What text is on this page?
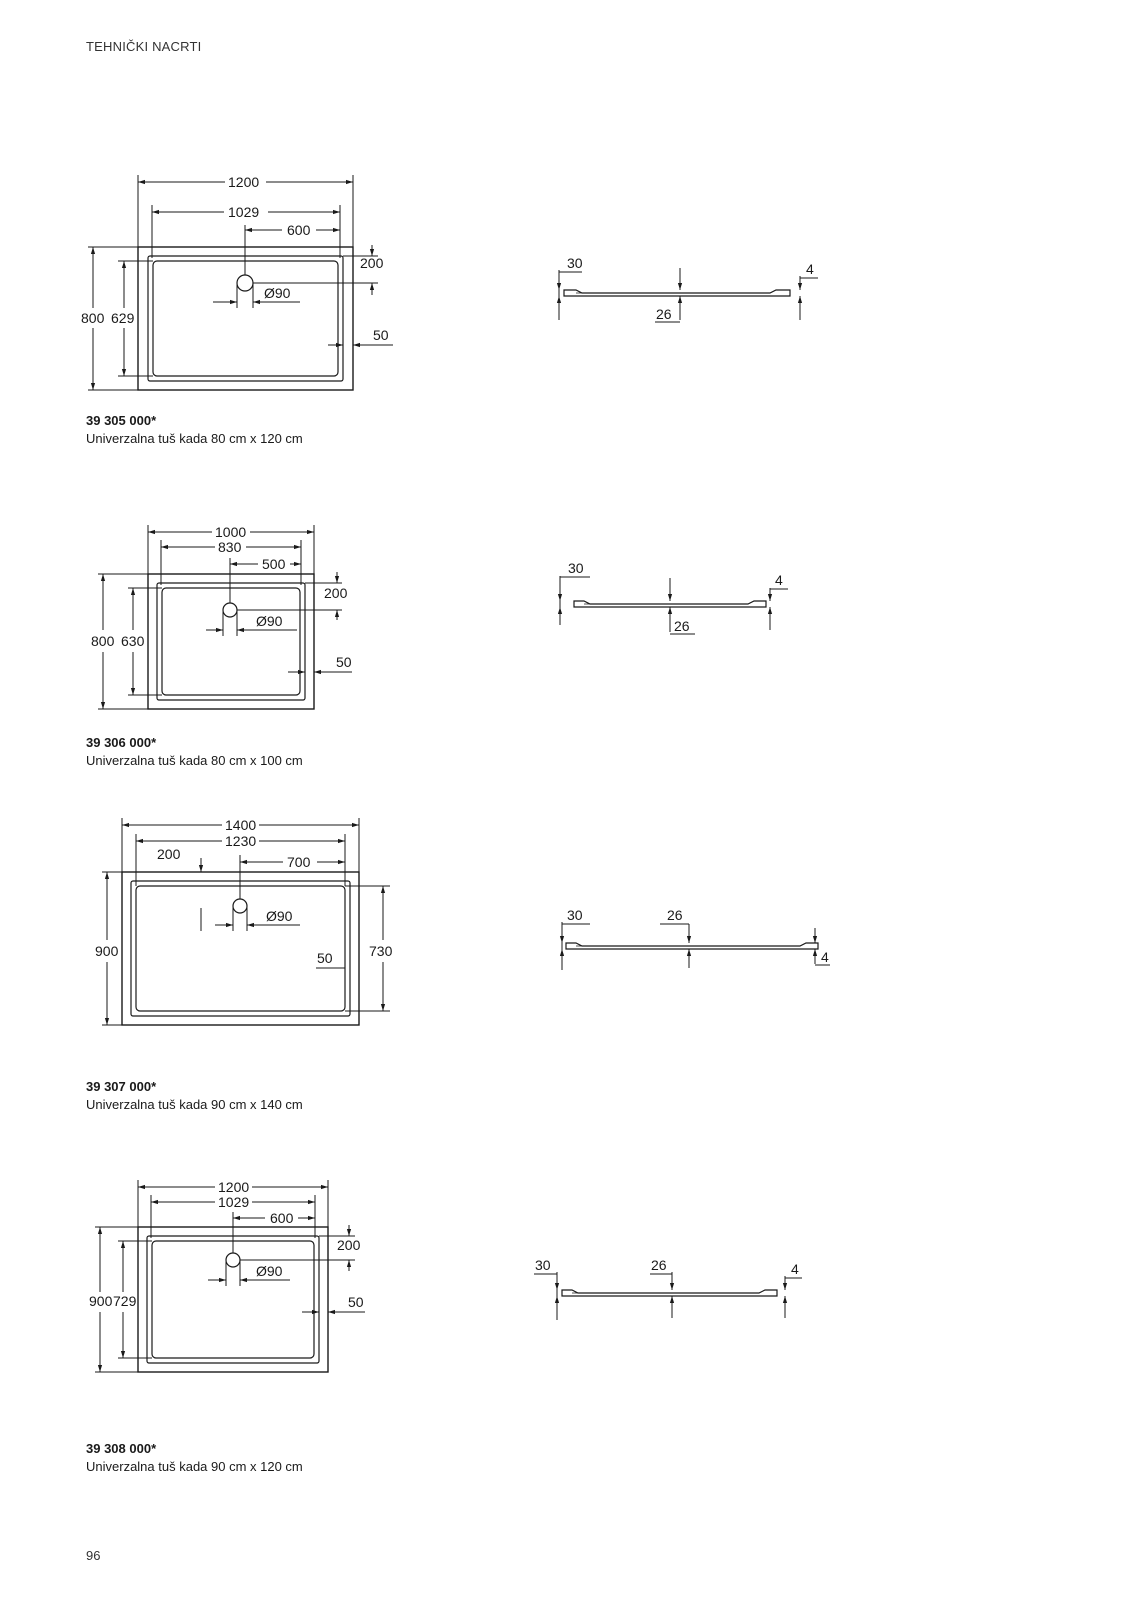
TEHNIČKI NACRTI
1200
1029
600
200
Ø90
800 629
50
30
26
4
1000
830
500
200
Ø90
800 630
50
30
26
4
1400
1230
200	700
Ø90
900	730
50
30	26
4
1200
1029
600
200
Ø90
900 729	50
30	26	4
39 305 000*
Univerzalna tuš kada 80 cm x 120 cm
39 306 000*
Univerzalna tuš kada 80 cm x 100 cm
39 307 000*
Univerzalna tuš kada 90 cm x 140 cm
39 308 000*
Univerzalna tuš kada 90 cm x 120 cm
96
